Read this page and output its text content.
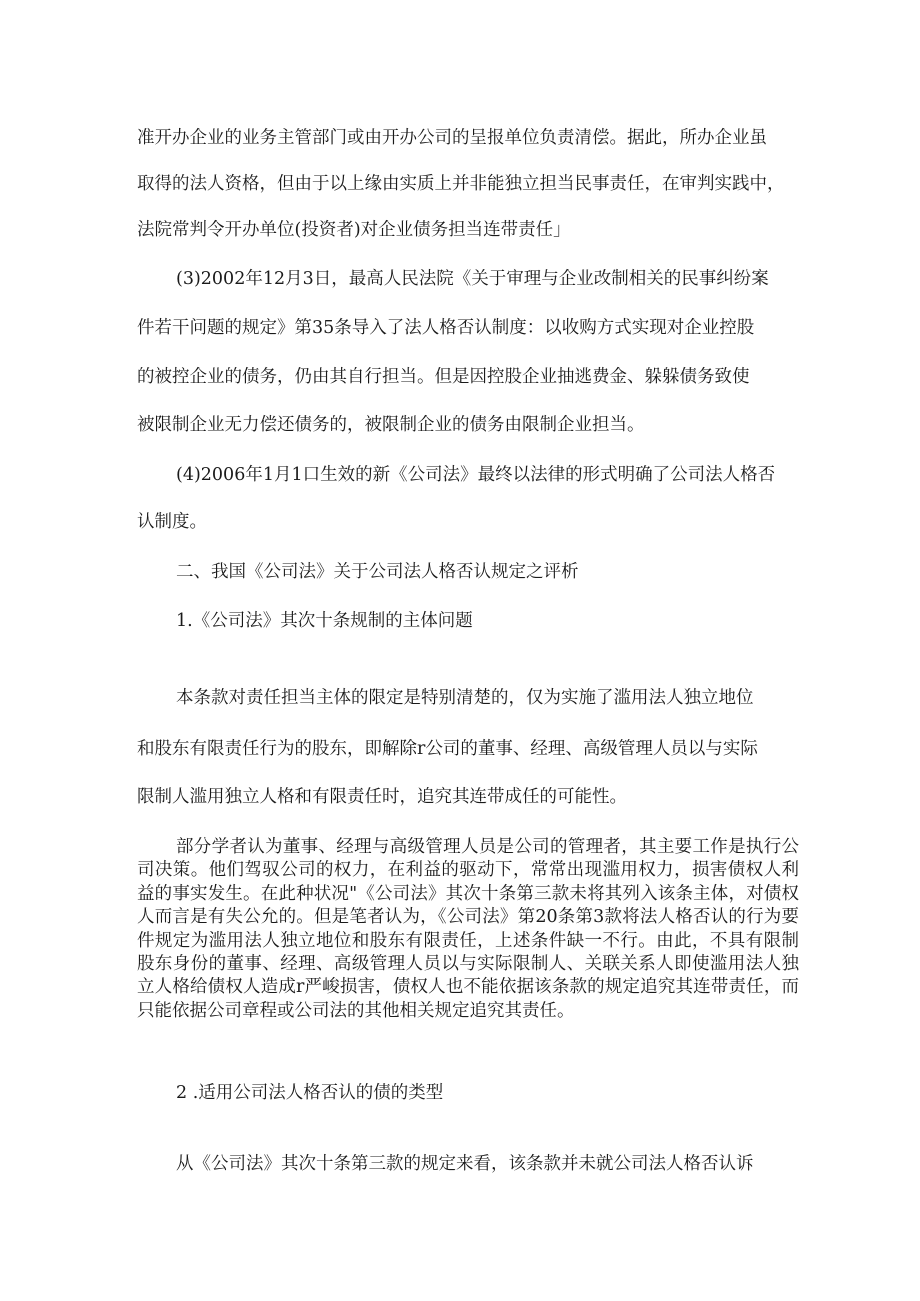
准开办企业的业务主管部门或由开办公司的呈报单位负责清偿。据此，所办企业虽
取得的法人资格，但由于以上缘由实质上并非能独立担当民事责任，在审判实践中，
法院常判令开办单位(投资者)对企业债务担当连带责任」
(3)2002年12月3日，最高人民法院《关于审理与企业改制相关的民事纠纷案
件若干问题的规定》第35条导入了法人格否认制度：以收购方式实现对企业控股
的被控企业的债务，仍由其自行担当。但是因控股企业抽逃费金、躲躲债务致使
被限制企业无力偿还债务的，被限制企业的债务由限制企业担当。
(4)2006年1月1口生效的新《公司法》最终以法律的形式明确了公司法人格否
认制度。
二、我国《公司法》关于公司法人格否认规定之评析
1.《公司法》其次十条规制的主体问题
本条款对责任担当主体的限定是特别清楚的，仅为实施了滥用法人独立地位
和股东有限责任行为的股东，即解除r公司的董事、经理、高级管理人员以与实际
限制人滥用独立人格和有限责任时，追究其连带成任的可能性。

部分学者认为董事、经理与高级管理人员是公司的管理者，其主要工作是执行公司决策。他们驾驭公司的权力，在利益的驱动下，常常出现滥用权力，损害债权人利益的事实发生。在此种状况"《公司法》其次十条第三款未将其列入该条主体，对债权人而言是有失公允的。但是笔者认为，《公司法》第20条第3款将法人格否认的行为要件规定为滥用法人独立地位和股东有限责任，上述条件缺一不行。由此，不具有限制股东身份的董事、经理、高级管理人员以与实际限制人、关联关系人即使滥用法人独立人格给债权人造成r严峻损害，债权人也不能依据该条款的规定追究其连带责任，而只能依据公司章程或公司法的其他相关规定追究其责任。

2 .适用公司法人格否认的债的类型
从《公司法》其次十条第三款的规定来看，该条款并未就公司法人格否认诉
